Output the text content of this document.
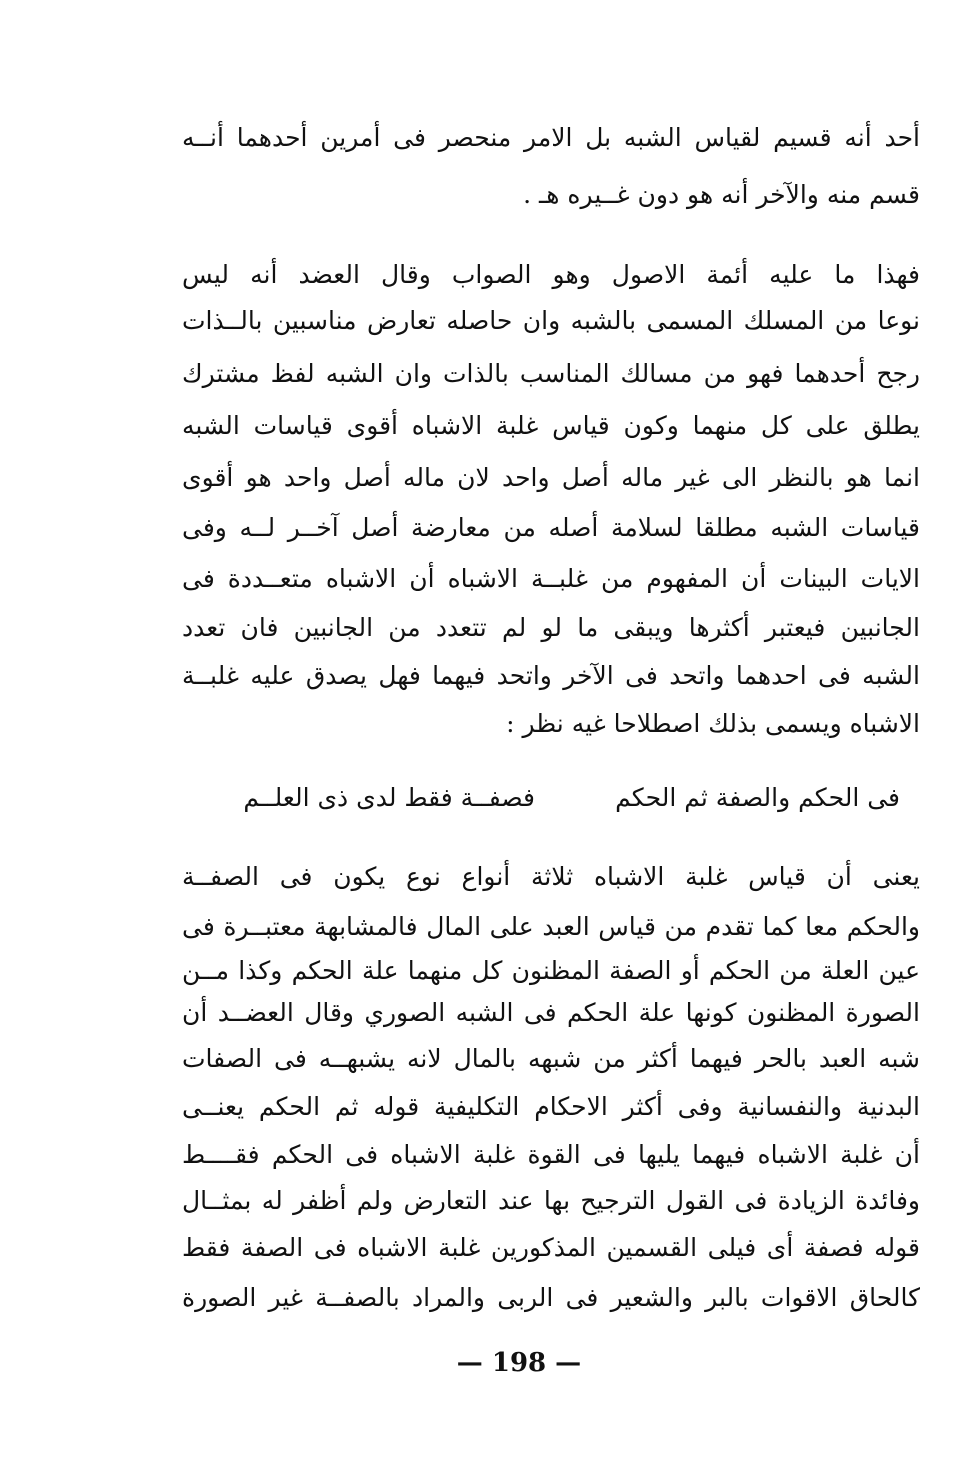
أحد أنه قسيم لقياس الشبه بل الامر منحصر فى أمرين أحدهما أنــه
قسم منه والآخر أنه هو دون غــيره هـ .
فهذا ما عليه أئمة الاصول وهو الصواب وقال العضد أنه ليس
نوعا من المسلك المسمى بالشبه وان حاصله تعارض مناسبين بالــذات
رجح أحدهما فهو من مسالك المناسب بالذات وان الشبه لفظ مشترك
يطلق على كل منهما وكون قياس غلبة الاشباه أقوى قياسات الشبه
انما هو بالنظر الى غير ماله أصل واحد لان ماله أصل واحد هو أقوى
قياسات الشبه مطلقا لسلامة أصله من معارضة أصل آخــر لــه وفى
الايات البينات أن المفهوم من غلبــة الاشباه أن الاشباه متعــددة فى
الجانبين فيعتبر أكثرها ويبقى ما لو لم تتعدد من الجانبين فان تعدد
الشبه فى احدهما واتحد فى الآخر واتحد فيهما فهل يصدق عليه غلبــة
الاشباه ويسمى بذلك اصطلاحا غيه نظر :
فى الحكم والصفة ثم الحكم
فصفــة فقط لدى ذى العلــم
يعنى أن قياس غلبة الاشباه ثلاثة أنواع نوع يكون فى الصفــة
والحكم معا كما تقدم من قياس العبد على المال فالمشابهة معتبــرة فى
عين العلة من الحكم أو الصفة المظنون كل منهما علة الحكم وكذا مــن
الصورة المظنون كونها علة الحكم فى الشبه الصوري وقال العضــد أن
شبه العبد بالحر فيهما أكثر من شبهه بالمال لانه يشبهــه فى الصفات
البدنية والنفسانية وفى أكثر الاحكام التكليفية قوله ثم الحكم يعنــى
أن غلبة الاشباه فيهما يليها فى القوة غلبة الاشباه فى الحكم فقــــط
وفائدة الزيادة فى القول الترجيح بها عند التعارض ولم أظفر له بمثــال
قوله فصفة أى فيلى القسمين المذكورين غلبة الاشباه فى الصفة فقط
كالحاق الاقوات بالبر والشعير فى الربى والمراد بالصفــة غير الصورة
— 198 —
